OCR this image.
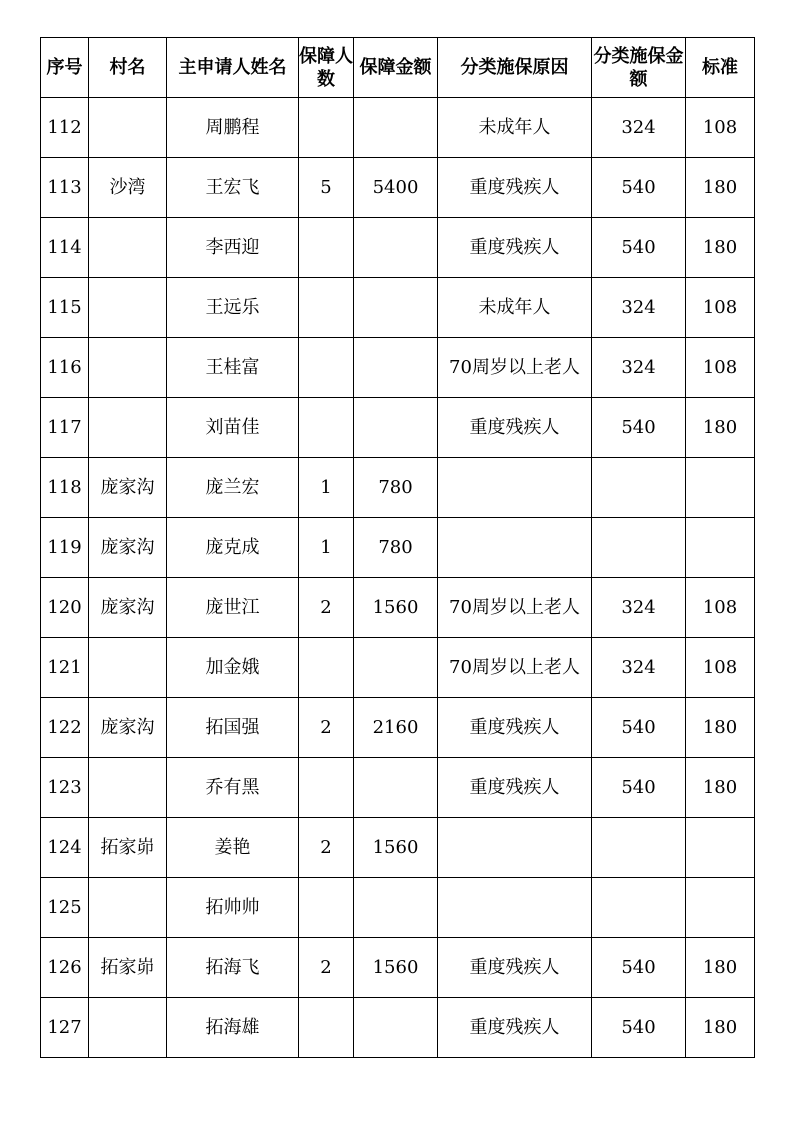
序号	村名	主申请人姓名	保障人数	保障金额	分类施保原因	分类施保金额	标准
112		周鹏程			未成年人	324	108
113	沙湾	王宏飞	5	5400	重度残疾人	540	180
114		李西迎			重度残疾人	540	180
115		王远乐			未成年人	324	108
116		王桂富			70周岁以上老人	324	108
117		刘苗佳			重度残疾人	540	180
118	庞家沟	庞兰宏	1	780			
119	庞家沟	庞克成	1	780			
120	庞家沟	庞世江	2	1560	70周岁以上老人	324	108
121		加金娥			70周岁以上老人	324	108
122	庞家沟	拓国强	2	2160	重度残疾人	540	180
123		乔有黑			重度残疾人	540	180
124	拓家峁	姜艳	2	1560			
125		拓帅帅					
126	拓家峁	拓海飞	2	1560	重度残疾人	540	180
127		拓海雄			重度残疾人	540	180
